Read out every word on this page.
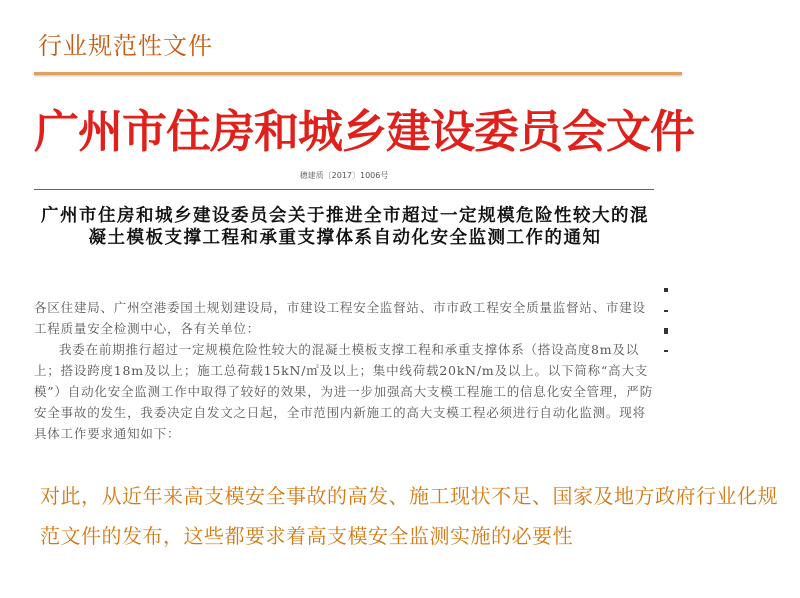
行业规范性文件
广州市住房和城乡建设委员会文件
穗建质〔2017〕1006号
广州市住房和城乡建设委员会关于推进全市超过一定规模危险性较大的混凝土模板支撑工程和承重支撑体系自动化安全监测工作的通知

各区住建局、广州空港委国土规划建设局，市建设工程安全监督站、市市政工程安全质量监督站、市建设工程质量安全检测中心，各有关单位：

我委在前期推行超过一定规模危险性较大的混凝土模板支撑工程和承重支撑体系（搭设高度8m及以上；搭设跨度18m及以上；施工总荷载15kN/㎡及以上；集中线荷载20kN/m及以上。以下简称“高大支模”）自动化安全监测工作中取得了较好的效果，为进一步加强高大支模工程施工的信息化安全管理，严防安全事故的发生，我委决定自发文之日起，全市范围内新施工的高大支模工程必须进行自动化监测。现将具体工作要求通知如下：

对此，从近年来高支模安全事故的高发、施工现状不足、国家及地方政府行业化规范文件的发布，这些都要求着高支模安全监测实施的必要性
